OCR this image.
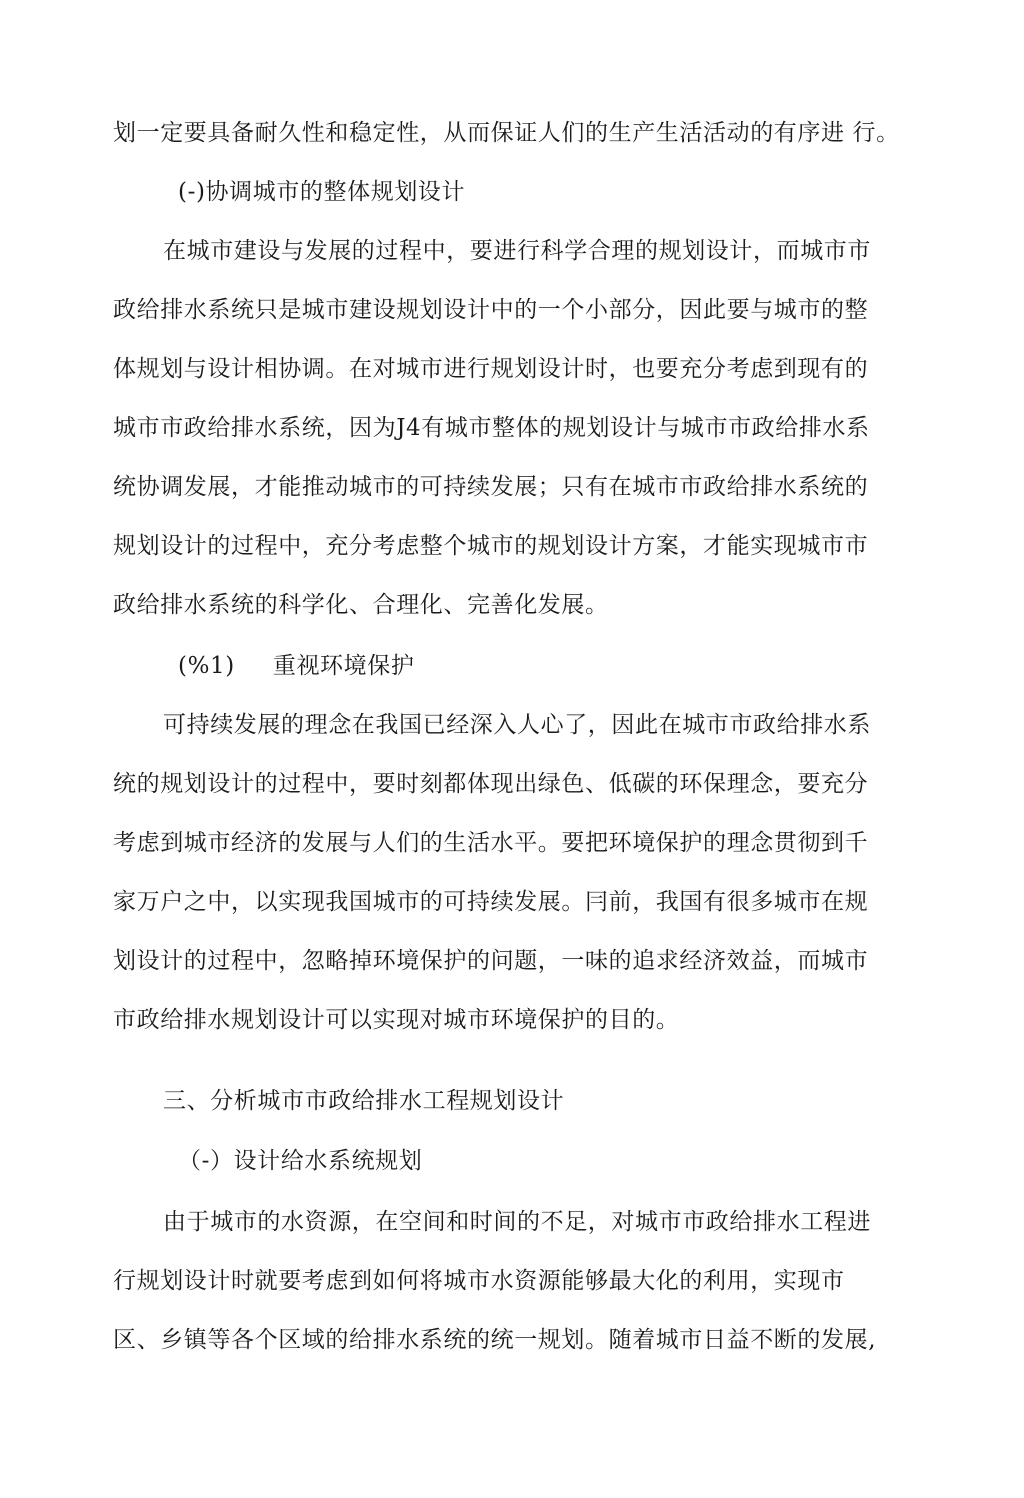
划一定要具备耐久性和稳定性，从而保证人们的生产生活活动的有序进 行。
(-)协调城市的整体规划设计
在城市建设与发展的过程中，要进行科学合理的规划设计，而城市市
政给排水系统只是城市建设规划设计中的一个小部分，因此要与城市的整
体规划与设计相协调。在对城市进行规划设计时，也要充分考虑到现有的
城市市政给排水系统，因为J4有城市整体的规划设计与城市市政给排水系
统协调发展，才能推动城市的可持续发展；只有在城市市政给排水系统的
规划设计的过程中，充分考虑整个城市的规划设计方案，才能实现城市市
政给排水系统的科学化、合理化、完善化发展。
(%1) 重视环境保护
可持续发展的理念在我国已经深入人心了，因此在城市市政给排水系
统的规划设计的过程中，要时刻都体现出绿色、低碳的环保理念，要充分
考虑到城市经济的发展与人们的生活水平。要把环境保护的理念贯彻到千
家万户之中，以实现我国城市的可持续发展。冃前，我国有很多城市在规
划设计的过程中，忽略掉环境保护的问题，一味的追求经济效益，而城市
市政给排水规划设计可以实现对城市环境保护的目的。
三、分析城市市政给排水工程规划设计
（-）设计给水系统规划
由于城市的水资源，在空间和时间的不足，对城市市政给排水工程进
行规划设计时就要考虑到如何将城市水资源能够最大化的利用，实现市
区、乡镇等各个区域的给排水系统的统一规划。随着城市日益不断的发展,
